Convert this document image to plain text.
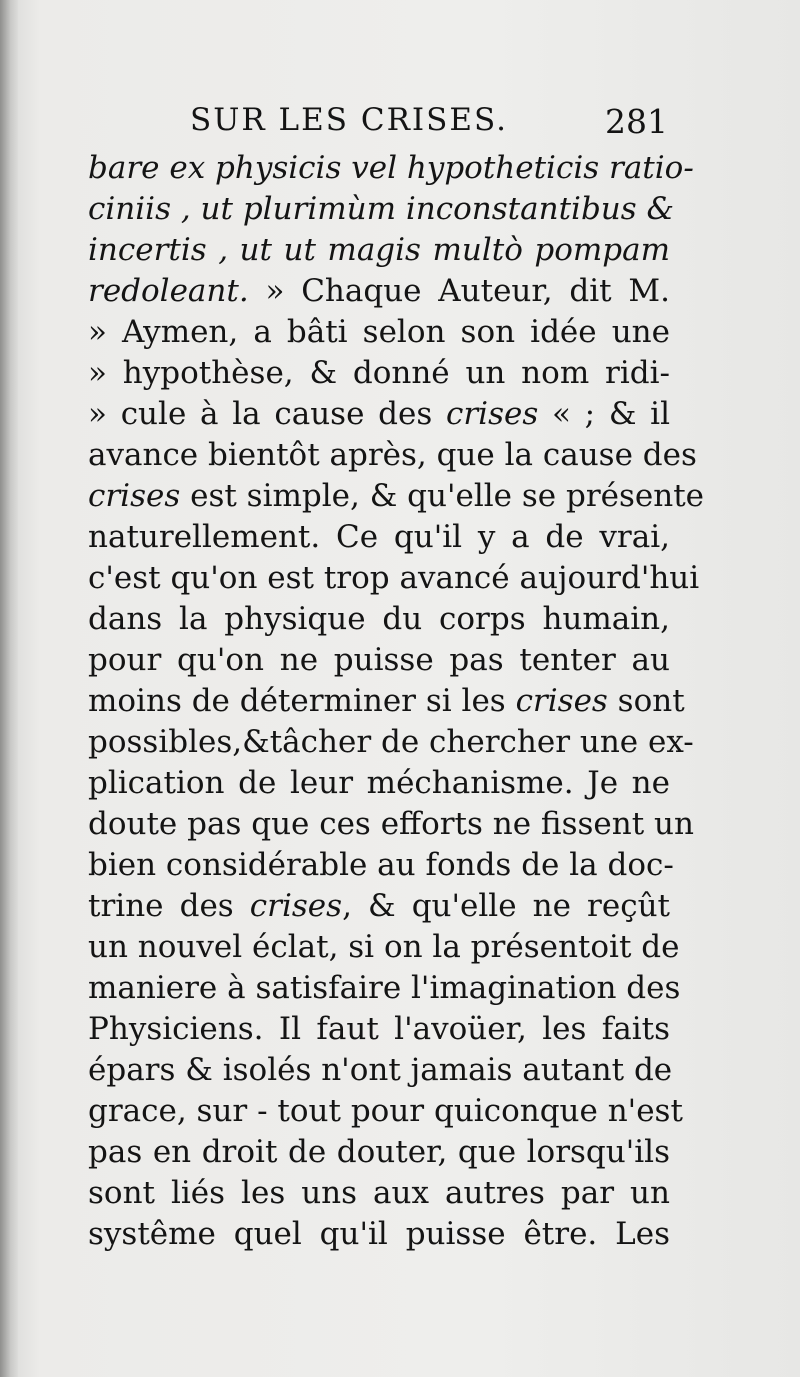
SUR LES CRISES.	281
bare ex physicis vel hypotheticis ratio-
ciniis , ut plurimùm inconstantibus &
incertis , ut ut magis multò pompam
redoleant. » Chaque Auteur, dit M.
» Aymen, a bâti selon son idée une
» hypothèse, & donné un nom ridi-
» cule à la cause des crises « ; & il
avance bientôt après, que la cause des
crises est simple, & qu'elle se présente
naturellement. Ce qu'il y a de vrai,
c'est qu'on est trop avancé aujourd'hui
dans la physique du corps humain,
pour qu'on ne puisse pas tenter au
moins de déterminer si les crises sont
possibles,&tâcher de chercher une ex-
plication de leur méchanisme. Je ne
doute pas que ces efforts ne fissent un
bien considérable au fonds de la doc-
trine des crises, & qu'elle ne reçût
un nouvel éclat, si on la présentoit de
maniere à satisfaire l'imagination des
Physiciens. Il faut l'avoüer, les faits
épars & isolés n'ont jamais autant de
grace, sur - tout pour quiconque n'est
pas en droit de douter, que lorsqu'ils
sont liés les uns aux autres par un
systême quel qu'il puisse être. Les
